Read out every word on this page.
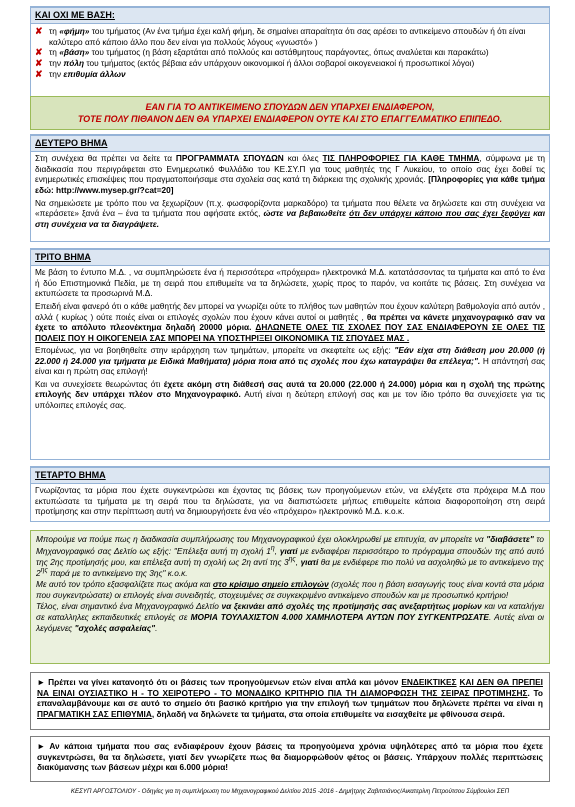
ΚΑΙ ΟΧΙ ΜΕ ΒΑΣΗ:
✘ τη «φήμη» του τμήματος (Αν ένα τμήμα έχει καλή φήμη, δε σημαίνει απαραίτητα ότι σας αρέσει το αντικείμενο σπουδών ή ότι είναι καλύτερο από κάποιο άλλο που δεν είναι για πολλούς λόγους «γνωστό» )
✘ τη «βάση» του τμήματος (η βάση εξαρτάται από πολλούς και αστάθμητους παράγοντες, όπως αναλύεται και παρακάτω)
✘ την πόλη του τμήματος (εκτός βέβαια εάν υπάρχουν οικονομικοί ή άλλοι σοβαροί οικογενειακοί ή προσωπικοί λόγοι)
✘ την επιθυμία άλλων
ΕΑΝ ΓΙΑ ΤΟ ΑΝΤΙΚΕΙΜΕΝΟ ΣΠΟΥΔΩΝ ΔΕΝ ΥΠΑΡΧΕΙ ΕΝΔΙΑΦΕΡΟΝ,
ΤΟΤΕ ΠΟΛΥ ΠΙΘΑΝΟΝ ΔΕΝ ΘΑ ΥΠΑΡΧΕΙ ΕΝΔΙΑΦΕΡΟΝ ΟΥΤΕ ΚΑΙ ΣΤΟ ΕΠΑΓΓΕΛΜΑΤΙΚΟ ΕΠΙΠΕΔΟ.
ΔΕΥΤΕΡΟ ΒΗΜΑ
Στη συνέχεια θα πρέπει να δείτε τα ΠΡΟΓΡΑΜΜΑΤΑ ΣΠΟΥΔΩΝ και όλες ΤΙΣ ΠΛΗΡΟΦΟΡΙΕΣ ΓΙΑ ΚΑΘΕ ΤΜΗΜΑ, σύμφωνα με τη διαδικασία που περιγράφεται στο Ενημερωτικό Φυλλάδιο του ΚΕ.ΣΥ.Π για τους μαθητές της Γ Λυκείου, το οποίο σας έχει δοθεί τις ενημερωτικές επισκέψεις που πραγματοποιήσαμε στα σχολεία σας κατά τη διάρκεια της σχολικής χρονιάς. [Πληροφορίες για κάθε τμήμα εδώ: http://www.mysep.gr/?cat=20]
Να σημειώσετε με τρόπο που να ξεχωρίζουν (π.χ. φωσφορίζοντα μαρκαδόρο) τα τμήματα που θέλετε να δηλώσετε και στη συνέχεια να «περάσετε» ξανά ένα – ένα τα τμήματα που αφήσατε εκτός, ώστε να βεβαιωθείτε ότι δεν υπάρχει κάποιο που σας έχει ξεφύγει και στη συνέχεια να τα διαγράψετε.
ΤΡΙΤΟ ΒΗΜΑ
Με βάση το έντυπο Μ.Δ. , να συμπληρώσετε ένα ή περισσότερα «πρόχειρα» ηλεκτρονικά Μ.Δ. κατατάσσοντας τα τμήματα και από το ένα ή δύο Επιστημονικά Πεδία, με τη σειρά που επιθυμείτε να τα δηλώσετε, χωρίς προς το παρόν, να κοιτάτε τις βάσεις. Στη συνέχεια να εκτυπώσετε τα προσωρινά Μ.Δ.
Επειδή είναι φανερό ότι ο κάθε μαθητής δεν μπορεί να γνωρίζει ούτε το πλήθος των μαθητών που έχουν καλύτερη βαθμολογία από αυτόν , αλλά ( κυρίως ) ούτε ποιές είναι οι επιλογές σχολών που έχουν κάνει αυτοί οι μαθητές , θα πρέπει να κάνετε μηχανογραφικό σαν να έχετε το απόλυτο πλεονέκτημα δηλαδή 20000 μόρια. ΔΗΛΩΝΕΤΕ ΟΛΕΣ ΤΙΣ ΣΧΟΛΕΣ ΠΟΥ ΣΑΣ ΕΝΔΙΑΦΕΡΟΥΝ ΣΕ ΟΛΕΣ ΤΙΣ ΠΟΛΕΙΣ ΠΟΥ Η ΟΙΚΟΓΕΝΕΙΑ ΣΑΣ ΜΠΟΡΕΙ ΝΑ ΥΠΟΣΤΗΡΙΞΕΙ ΟΙΚΟΝΟΜΙΚΑ ΤΙΣ ΣΠΟΥΔΕΣ ΜΑΣ .
Επομένως, για να βοηθηθείτε στην ιεράρχηση των τμημάτων, μπορείτε να σκεφτείτε ως εξής: "Εάν είχα στη διάθεση μου 20.000 (ή 22.000 ή 24.000 για τμήματα με Ειδικά Μαθήματα) μόρια ποια από τις σχολές που έχω καταγράψει θα επέλεγα;". Η απάντησή σας είναι και η πρώτη σας επιλογή!
Και να συνεχίσετε θεωρώντας ότι έχετε ακόμη στη διάθεσή σας αυτά τα 20.000 (22.000 ή 24.000) μόρια και η σχολή της πρώτης επιλογής δεν υπάρχει πλέον στο Μηχανογραφικό. Αυτή είναι η δεύτερη επιλογή σας και με τον ίδιο τρόπο θα συνεχίσετε για τις υπόλοιπες επιλογές σας.
ΤΕΤΑΡΤΟ ΒΗΜΑ
Γνωρίζοντας τα μόρια που έχετε συγκεντρώσει και έχοντας τις βάσεις των προηγούμενων ετών, να ελέγξετε στα πρόχειρα Μ.Δ που εκτυπώσατε τα τμήματα με τη σειρά που τα δηλώσατε, για να διαπιστώσετε μήπως επιθυμείτε κάποια διαφοροποίηση στη σειρά προτίμησης και στην περίπτωση αυτή να δημιουργήσετε ένα νέο «πρόχειρο» ηλεκτρονικό Μ.Δ. κ.ο.κ.
Μπορούμε να πούμε πως η διαδικασία συμπλήρωσης του Μηχανογραφικού έχει ολοκληρωθεί με επιτυχία, αν μπορείτε να "διαβάσετε" το Μηχανογραφικό σας Δελτίο ως εξής: "Επέλεξα αυτή τη σχολή $1^\eta$, γιατί με ενδιαφέρει περισσότερο το πρόγραμμα σπουδών της από αυτό της 2ης προτίμησής μου, και επέλεξα αυτή τη σχολή ως 2η αντί της $3^{\eta\varsigma}$, γιατί θα με ενδιέφερε πιο πολύ να ασχοληθώ με το αντικείμενο της $2^{\eta\varsigma}$ παρά με το αντικείμενο της 3ης" κ.ο.κ.
Με αυτό τον τρόπο εξασφαλίζετε πως ακόμα και στο κρίσιμο σημείο επιλογών (σχολές που η βάση εισαγωγής τους είναι κοντά στα μόρια που συγκεντρώσατε) οι επιλογές είναι συνειδητές, στοχευμένες σε συγκεκριμένο αντικείμενο σπουδών και με προσωπικό κριτήριο!
Τέλος, είναι σημαντικό ένα Μηχανογραφικό Δελτίο να ξεκινάει από σχολές της προτίμησής σας ανεξαρτήτως μορίων και να καταλήγει σε καταλληλες εκπαιδευτικές επιλογές σε ΜΟΡΙΑ ΤΟΥΛΑΧΙΣΤΟΝ 4.000 ΧΑΜΗΛΟΤΕΡΑ ΑΥΤΩΝ ΠΟΥ ΣΥΓΚΕΝΤΡΩΣΑΤΕ. Αυτές είναι οι λεγόμενες "σχολές ασφαλείας".
► Πρέπει να γίνει κατανοητό ότι οι βάσεις των προηγούμενων ετών είναι απλά και μόνον ΕΝΔΕΙΚΤΙΚΕΣ ΚΑΙ ΔΕΝ ΘΑ ΠΡΕΠΕΙ ΝΑ ΕΙΝΑΙ ΟΥΣΙΑΣΤΙΚΟ Η - ΤΟ ΧΕΙΡΟΤΕΡΟ - ΤΟ ΜΟΝΑΔΙΚΟ ΚΡΙΤΗΡΙΟ ΠΙΑ ΤΗ ΔΙΑΜΟΡΦΩΣΗ ΤΗΣ ΣΕΙΡΑΣ ΠΡΟΤΙΜΗΣΗΣ. Το επαναλαμβάνουμε και σε αυτό το σημείο ότι βασικό κριτήριο για την επιλογή των τμημάτων που δηλώνετε πρέπει να είναι η ΠΡΑΓΜΑΤΙΚΗ ΣΑΣ ΕΠΙΘΥΜΙΑ, δηλαδή να δηλώνετε τα τμήματα, στα οποία επιθυμείτε να εισαχθείτε με φθίνουσα σειρά.
► Αν κάποια τμήματα που σας ενδιαφέρουν έχουν βάσεις τα προηγούμενα χρόνια υψηλότερες από τα μόρια που έχετε συγκεντρώσει, θα τα δηλώσετε, γιατί δεν γνωρίζετε πως θα διαμορφώθούν φέτος οι βάσεις. Υπάρχουν πολλές περιπτώσεις διακύμανσης των βάσεων μέχρι και 6.000 μόρια!
ΚΕΣΥΠ ΑΡΓΟΣΤΟΛΙΟΥ - Οδηγίες για τη συμπλήρωση του Μηχανογραφικού Δελτίου 2015 -2016 - Δημήτρης Ζαβιτσιάνος/Αικατερίνη Πετρούτσου Σύμβουλοι ΣΕΠ
